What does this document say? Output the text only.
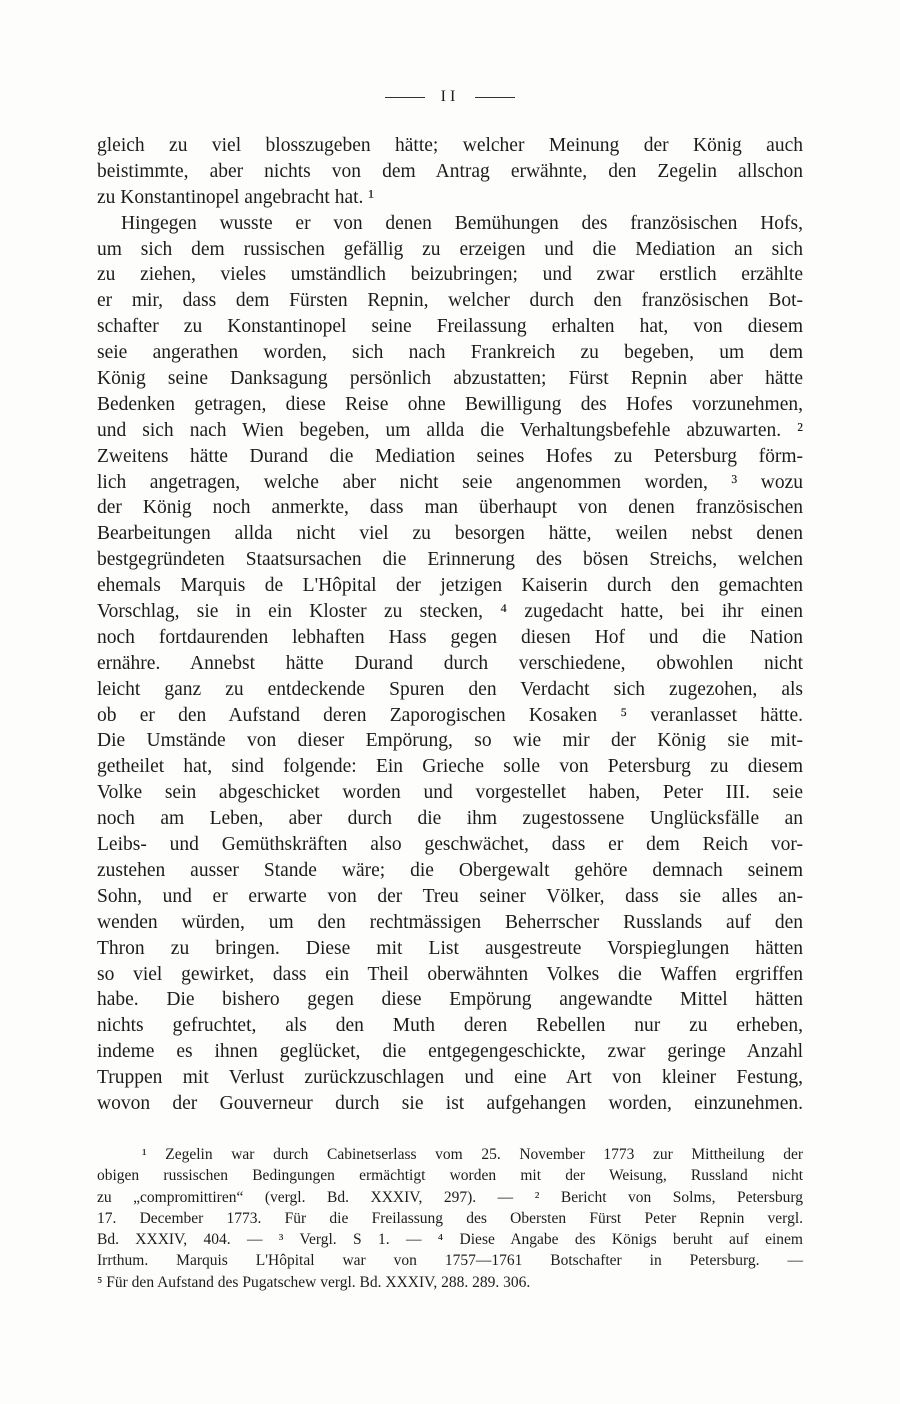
II
gleich zu viel blosszugeben hätte; welcher Meinung der König auch
beistimmte, aber nichts von dem Antrag erwähnte, den Zegelin allschon
zu Konstantinopel angebracht hat. ¹
Hingegen wusste er von denen Bemühungen des französischen Hofs,
um sich dem russischen gefällig zu erzeigen und die Mediation an sich
zu ziehen, vieles umständlich beizubringen; und zwar erstlich erzählte
er mir, dass dem Fürsten Repnin, welcher durch den französischen Bot-
schafter zu Konstantinopel seine Freilassung erhalten hat, von diesem
seie angerathen worden, sich nach Frankreich zu begeben, um dem
König seine Danksagung persönlich abzustatten; Fürst Repnin aber hätte
Bedenken getragen, diese Reise ohne Bewilligung des Hofes vorzunehmen,
und sich nach Wien begeben, um allda die Verhaltungsbefehle abzuwarten. ²
Zweitens hätte Durand die Mediation seines Hofes zu Petersburg förm-
lich angetragen, welche aber nicht seie angenommen worden, ³ wozu
der König noch anmerkte, dass man überhaupt von denen französischen
Bearbeitungen allda nicht viel zu besorgen hätte, weilen nebst denen
bestgegründeten Staatsursachen die Erinnerung des bösen Streichs, welchen
ehemals Marquis de L'Hôpital der jetzigen Kaiserin durch den gemachten
Vorschlag, sie in ein Kloster zu stecken, ⁴ zugedacht hatte, bei ihr einen
noch fortdaurenden lebhaften Hass gegen diesen Hof und die Nation
ernähre. Annebst hätte Durand durch verschiedene, obwohlen nicht
leicht ganz zu entdeckende Spuren den Verdacht sich zugezohen, als
ob er den Aufstand deren Zaporogischen Kosaken ⁵ veranlasset hätte.
Die Umstände von dieser Empörung, so wie mir der König sie mit-
getheilet hat, sind folgende: Ein Grieche solle von Petersburg zu diesem
Volke sein abgeschicket worden und vorgestellet haben, Peter III. seie
noch am Leben, aber durch die ihm zugestossene Unglücksfälle an
Leibs- und Gemüthskräften also geschwächet, dass er dem Reich vor-
zustehen ausser Stande wäre; die Obergewalt gehöre demnach seinem
Sohn, und er erwarte von der Treu seiner Völker, dass sie alles an-
wenden würden, um den rechtmässigen Beherrscher Russlands auf den
Thron zu bringen. Diese mit List ausgestreute Vorspieglungen hätten
so viel gewirket, dass ein Theil oberwähnten Volkes die Waffen ergriffen
habe. Die bishero gegen diese Empörung angewandte Mittel hätten
nichts gefruchtet, als den Muth deren Rebellen nur zu erheben,
indeme es ihnen geglücket, die entgegengeschickte, zwar geringe Anzahl
Truppen mit Verlust zurückzuschlagen und eine Art von kleiner Festung,
wovon der Gouverneur durch sie ist aufgehangen worden, einzunehmen.
¹ Zegelin war durch Cabinetserlass vom 25. November 1773 zur Mittheilung der
obigen russischen Bedingungen ermächtigt worden mit der Weisung, Russland nicht
zu „compromittiren“ (vergl. Bd. XXXIV, 297). — ² Bericht von Solms, Petersburg
17. December 1773. Für die Freilassung des Obersten Fürst Peter Repnin vergl.
Bd. XXXIV, 404. — ³ Vergl. S 1. — ⁴ Diese Angabe des Königs beruht auf einem
Irrthum. Marquis L'Hôpital war von 1757—1761 Botschafter in Petersburg. —
⁵ Für den Aufstand des Pugatschew vergl. Bd. XXXIV, 288. 289. 306.
